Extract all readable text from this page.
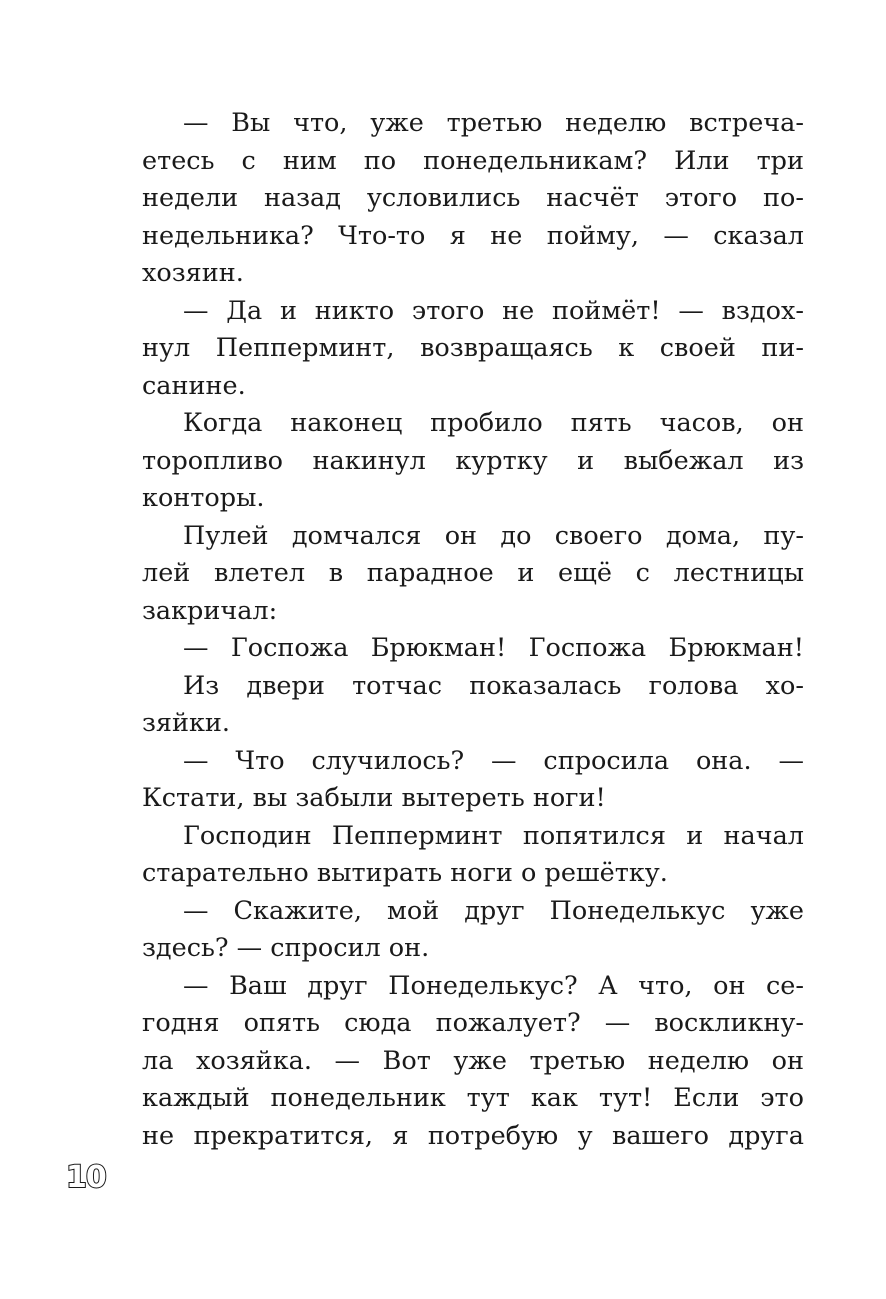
— Вы что, уже третью неделю встреча-
етесь с ним по понедельникам? Или три
недели назад условились насчёт этого по-
недельника? Что-то я не пойму, — сказал
хозяин.
— Да и никто этого не поймёт! — вздох-
нул Пепперминт, возвращаясь к своей пи-
санине.
Когда наконец пробило пять часов, он
торопливо накинул куртку и выбежал из
конторы.
Пулей домчался он до своего дома, пу-
лей влетел в парадное и ещё с лестницы
закричал:
— Госпожа Брюкман! Госпожа Брюкман!
Из двери тотчас показалась голова хо-
зяйки.
— Что случилось? — спросила она. —
Кстати, вы забыли вытереть ноги!
Господин Пепперминт попятился и начал
старательно вытирать ноги о решётку.
— Скажите, мой друг Понеделькус уже
здесь? — спросил он.
— Ваш друг Понеделькус? А что, он се-
годня опять сюда пожалует? — воскликну-
ла хозяйка. — Вот уже третью неделю он
каждый понедельник тут как тут! Если это
не прекратится, я потребую у вашего друга
10
